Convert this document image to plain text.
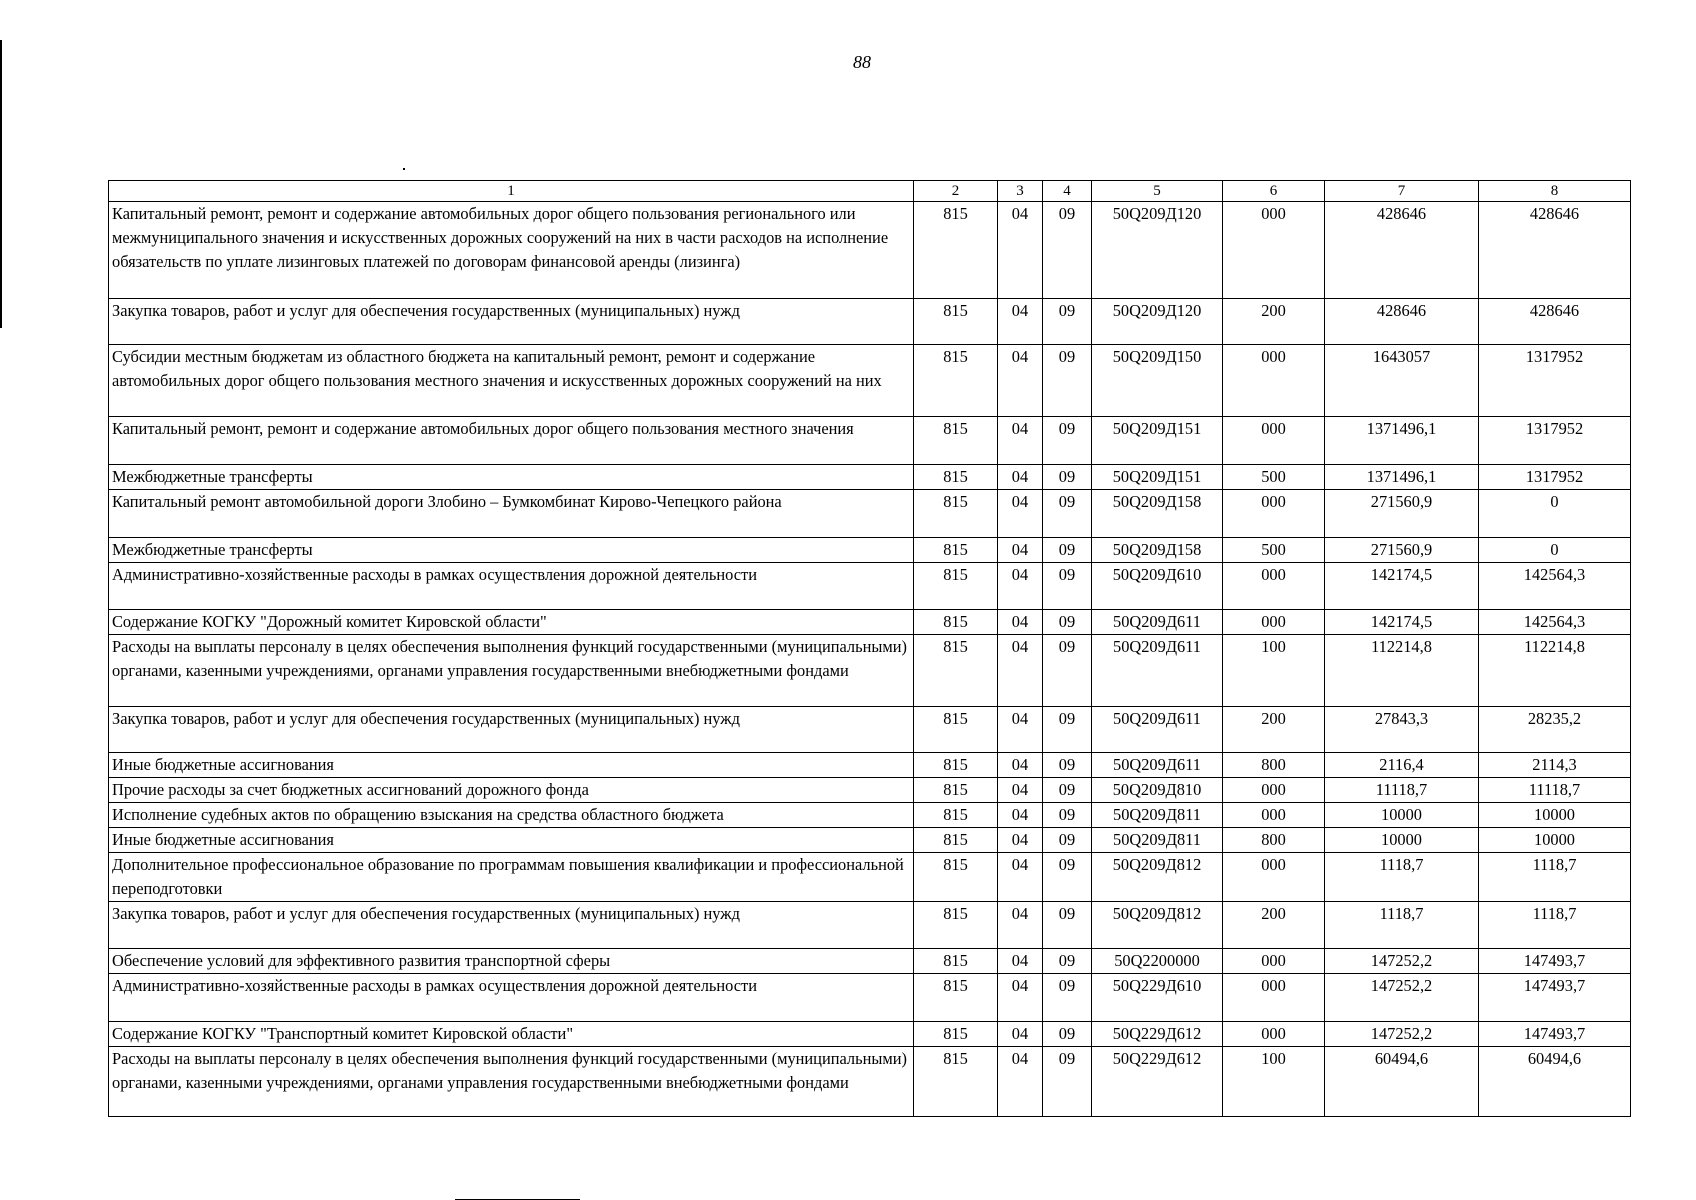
88
1	2	3	4	5	6	7	8
Капитальный ремонт, ремонт и содержание автомобильных дорог общего пользования регионального или межмуниципального значения и искусственных дорожных сооружений на них в части расходов на исполнение обязательств по уплате лизинговых платежей по договорам финансовой аренды (лизинга)	815	04	09	50Q209Д120	000	428646	428646
Закупка товаров, работ и услуг для обеспечения государственных (муниципальных) нужд	815	04	09	50Q209Д120	200	428646	428646
Субсидии местным бюджетам из областного бюджета на капитальный ремонт, ремонт и содержание автомобильных дорог общего пользования местного значения и искусственных дорожных сооружений на них	815	04	09	50Q209Д150	000	1643057	1317952
Капитальный ремонт, ремонт и содержание автомобильных дорог общего пользования местного значения	815	04	09	50Q209Д151	000	1371496,1	1317952
Межбюджетные трансферты	815	04	09	50Q209Д151	500	1371496,1	1317952
Капитальный ремонт автомобильной дороги Злобино – Бумкомбинат Кирово-Чепецкого района	815	04	09	50Q209Д158	000	271560,9	0
Межбюджетные трансферты	815	04	09	50Q209Д158	500	271560,9	0
Административно-хозяйственные расходы в рамках осуществления дорожной деятельности	815	04	09	50Q209Д610	000	142174,5	142564,3
Содержание КОГКУ "Дорожный комитет Кировской области"	815	04	09	50Q209Д611	000	142174,5	142564,3
Расходы на выплаты персоналу в целях обеспечения выполнения функций государственными (муниципальными) органами, казенными учреждениями, органами управления государственными внебюджетными фондами	815	04	09	50Q209Д611	100	112214,8	112214,8
Закупка товаров, работ и услуг для обеспечения государственных (муниципальных) нужд	815	04	09	50Q209Д611	200	27843,3	28235,2
Иные бюджетные ассигнования	815	04	09	50Q209Д611	800	2116,4	2114,3
Прочие расходы за счет бюджетных ассигнований дорожного фонда	815	04	09	50Q209Д810	000	11118,7	11118,7
Исполнение судебных актов по обращению взыскания на средства областного бюджета	815	04	09	50Q209Д811	000	10000	10000
Иные бюджетные ассигнования	815	04	09	50Q209Д811	800	10000	10000
Дополнительное профессиональное образование по программам повышения квалификации и профессиональной переподготовки	815	04	09	50Q209Д812	000	1118,7	1118,7
Закупка товаров, работ и услуг для обеспечения государственных (муниципальных) нужд	815	04	09	50Q209Д812	200	1118,7	1118,7
Обеспечение условий для эффективного развития транспортной сферы	815	04	09	50Q2200000	000	147252,2	147493,7
Административно-хозяйственные расходы в рамках осуществления дорожной деятельности	815	04	09	50Q229Д610	000	147252,2	147493,7
Содержание КОГКУ "Транспортный комитет Кировской области"	815	04	09	50Q229Д612	000	147252,2	147493,7
Расходы на выплаты персоналу в целях обеспечения выполнения функций государственными (муниципальными) органами, казенными учреждениями, органами управления государственными внебюджетными фондами	815	04	09	50Q229Д612	100	60494,6	60494,6
